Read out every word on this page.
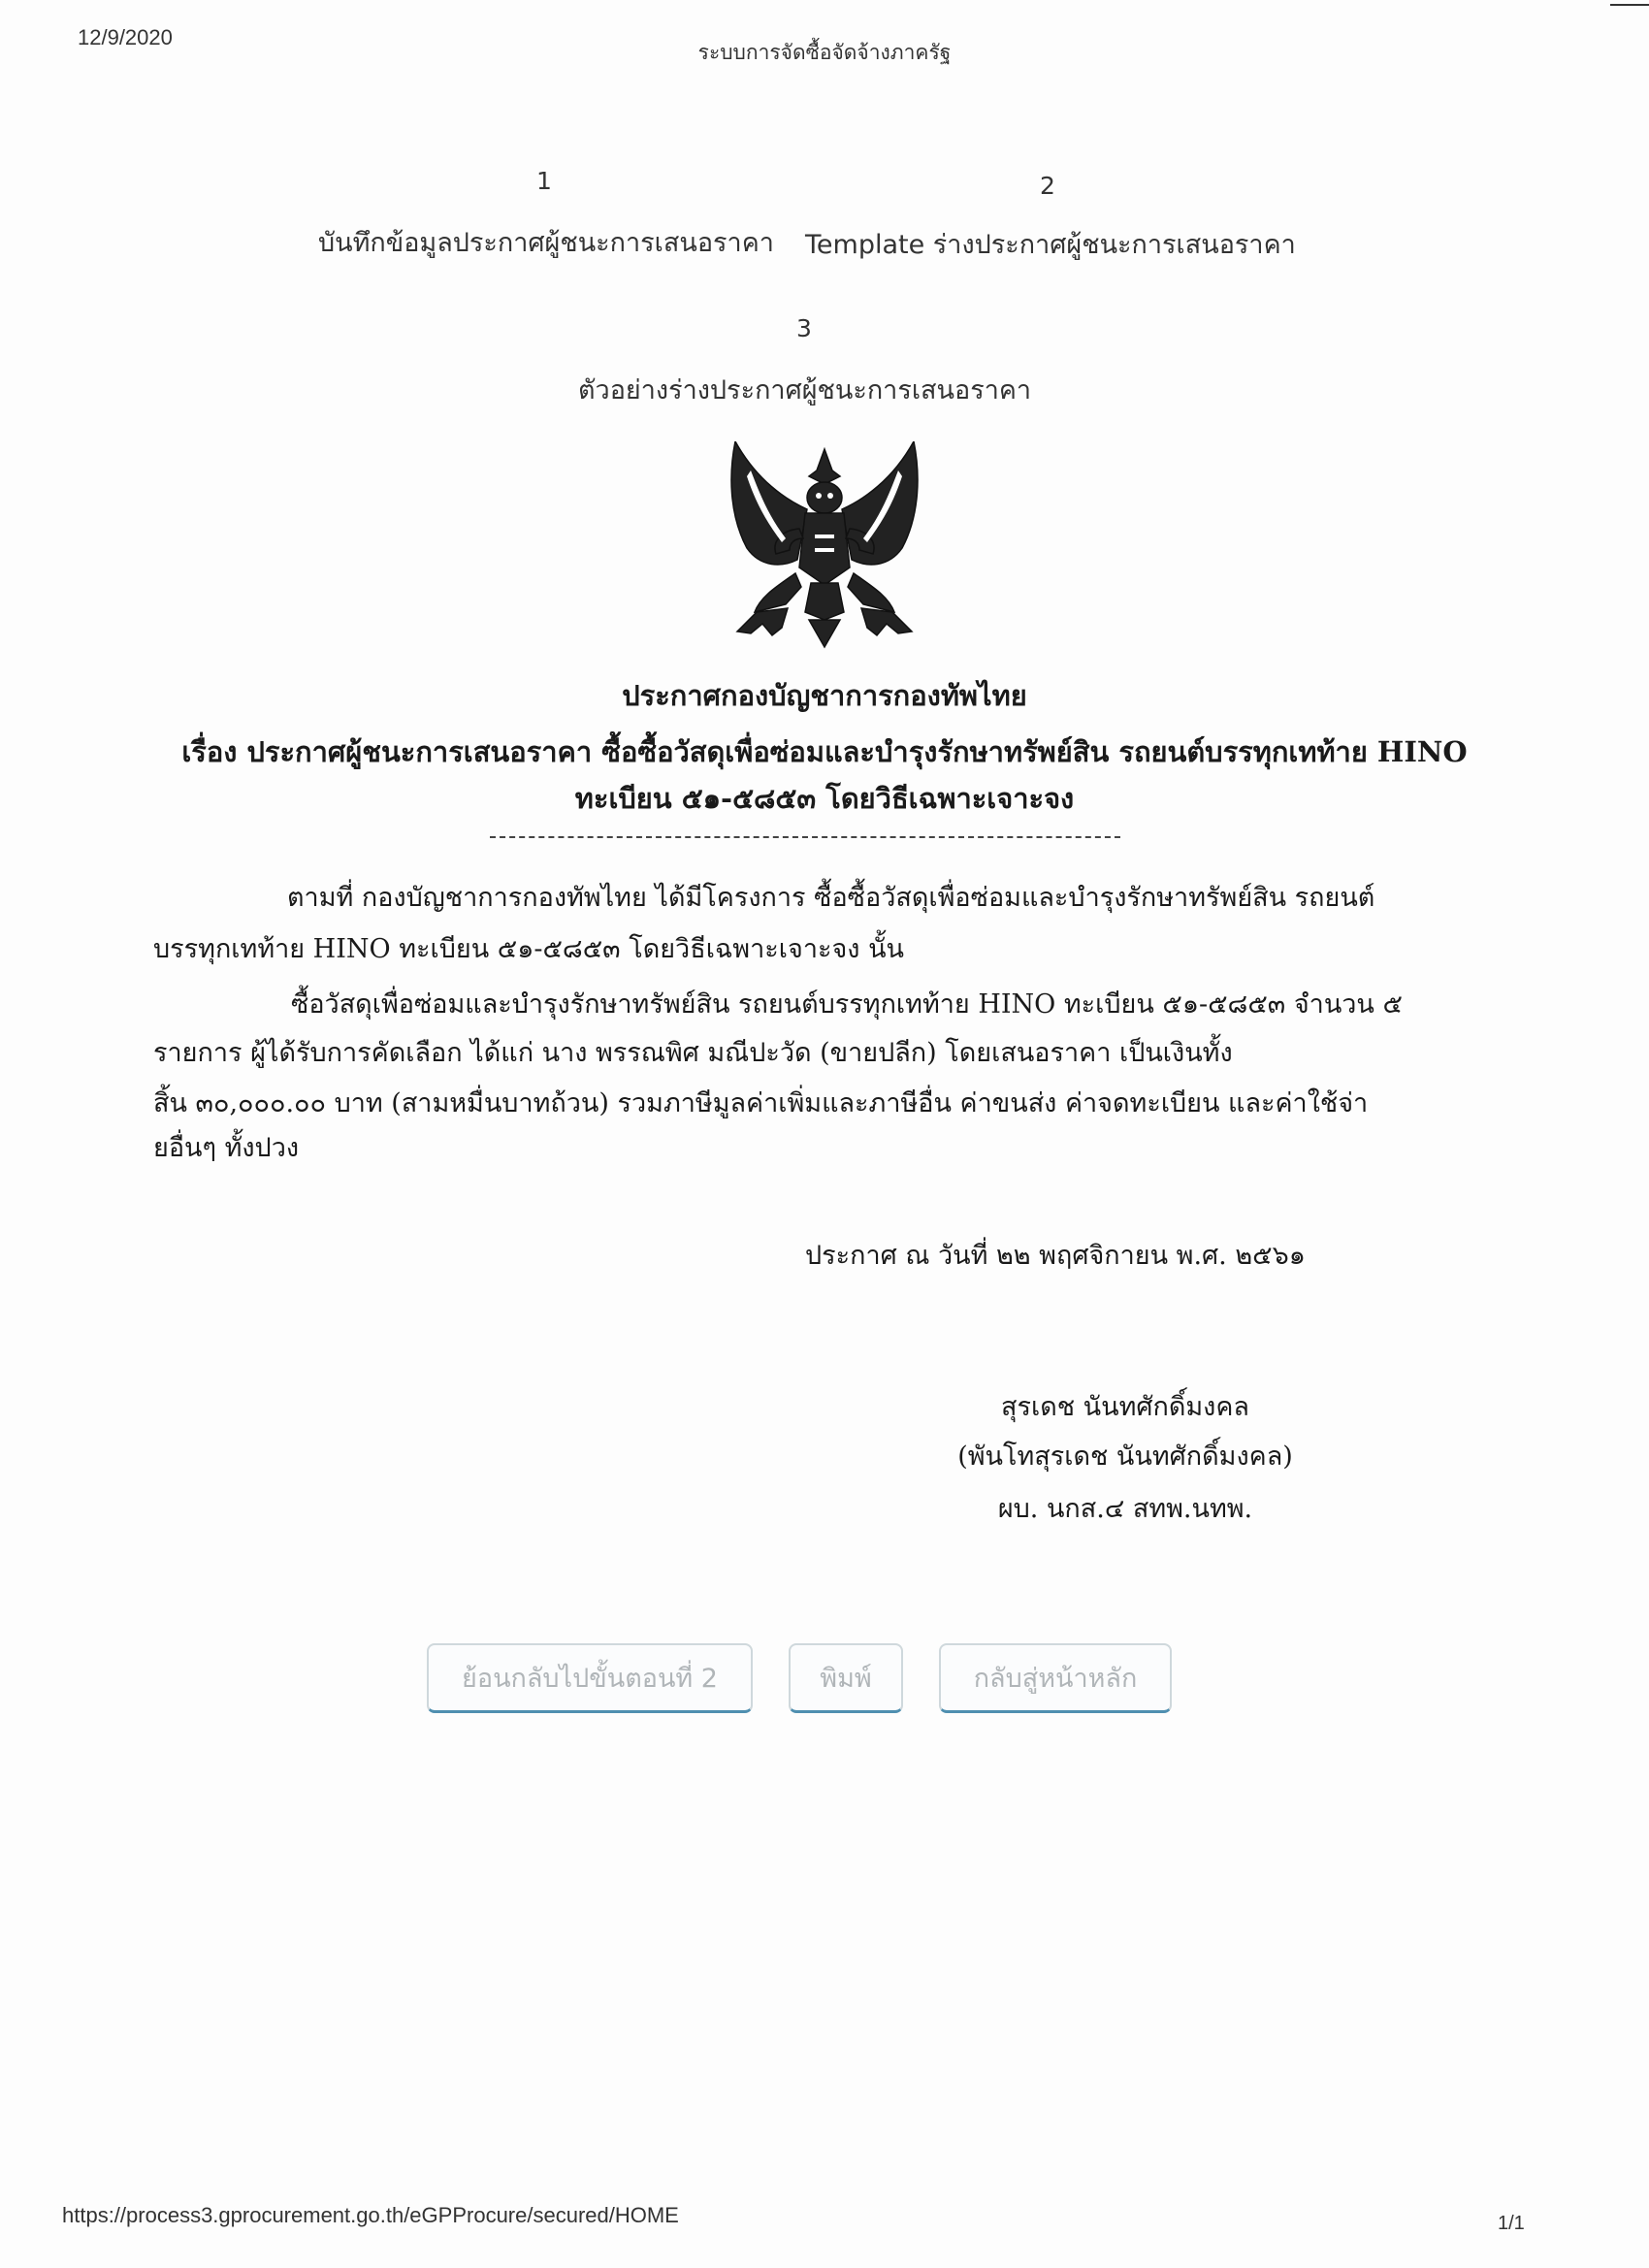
12/9/2020
ระบบการจัดซื้อจัดจ้างภาครัฐ
1
บันทึกข้อมูลประกาศผู้ชนะการเสนอราคา
2
Template ร่างประกาศผู้ชนะการเสนอราคา
3
ตัวอย่างร่างประกาศผู้ชนะการเสนอราคา
ประกาศกองบัญชาการกองทัพไทย
เรื่อง ประกาศผู้ชนะการเสนอราคา ซื้อซื้อวัสดุเพื่อซ่อมและบำรุงรักษาทรัพย์สิน รถยนต์บรรทุกเทท้าย HINO
ทะเบียน ๕๑-๕๘๕๓ โดยวิธีเฉพาะเจาะจง
ตามที่ กองบัญชาการกองทัพไทย ได้มีโครงการ ซื้อซื้อวัสดุเพื่อซ่อมและบำรุงรักษาทรัพย์สิน รถยนต์
บรรทุกเทท้าย HINO ทะเบียน ๕๑-๕๘๕๓ โดยวิธีเฉพาะเจาะจง นั้น
ซื้อวัสดุเพื่อซ่อมและบำรุงรักษาทรัพย์สิน รถยนต์บรรทุกเทท้าย HINO ทะเบียน ๕๑-๕๘๕๓ จำนวน ๕
รายการ ผู้ได้รับการคัดเลือก ได้แก่ นาง พรรณพิศ มณีปะวัด (ขายปลีก) โดยเสนอราคา เป็นเงินทั้ง
สิ้น ๓๐,๐๐๐.๐๐ บาท (สามหมื่นบาทถ้วน) รวมภาษีมูลค่าเพิ่มและภาษีอื่น ค่าขนส่ง ค่าจดทะเบียน และค่าใช้จ่า
ยอื่นๆ ทั้งปวง
ประกาศ ณ วันที่ ๒๒ พฤศจิกายน พ.ศ. ๒๕๖๑
สุรเดช นันทศักดิ์มงคล
(พันโทสุรเดช นันทศักดิ์มงคล)
ผบ. นกส.๔ สทพ.นทพ.
ย้อนกลับไปขั้นตอนที่ 2	พิมพ์	กลับสู่หน้าหลัก
https://process3.gprocurement.go.th/eGPProcure/secured/HOME	1/1
